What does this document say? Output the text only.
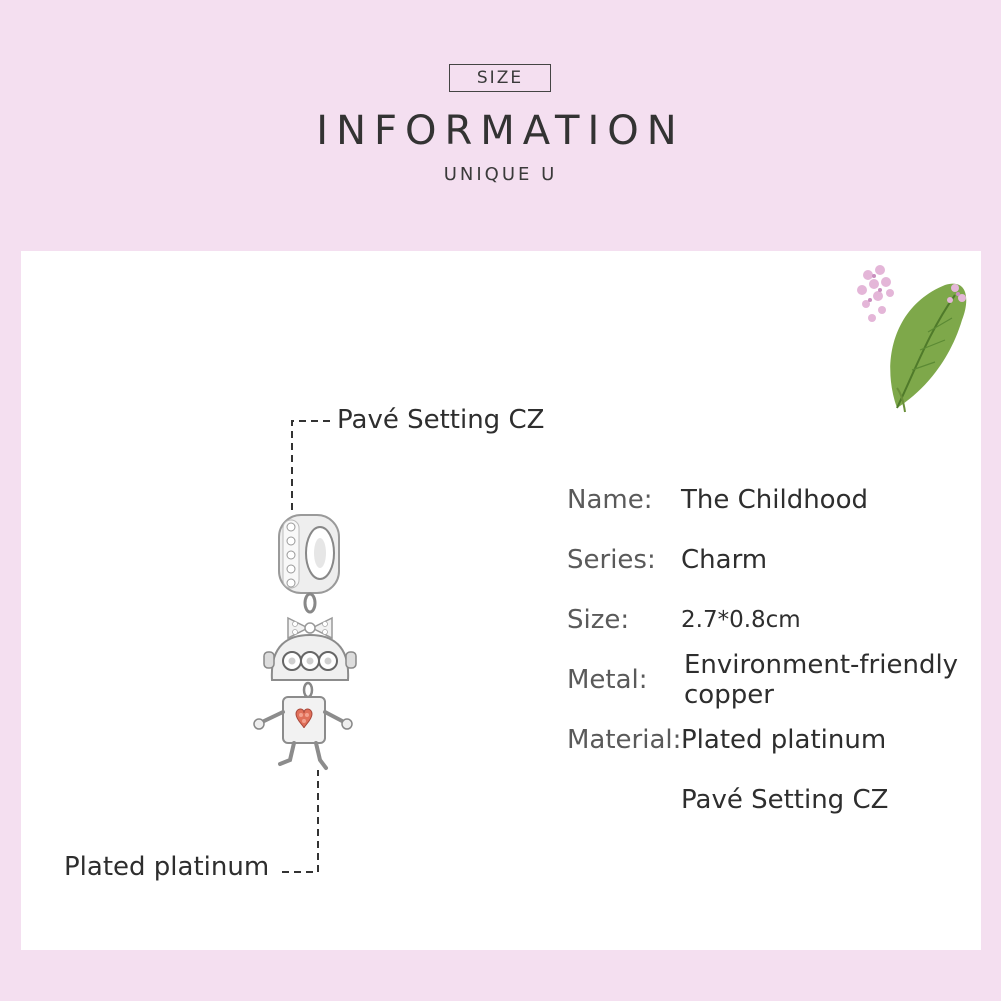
SIZE
INFORMATION
UNIQUE U
Pavé Setting CZ
Plated platinum
Name: The Childhood
Series: Charm
Size: 2.7*0.8cm
Metal: Environment-friendly
copper
Material: Plated platinum
Pavé Setting CZ
